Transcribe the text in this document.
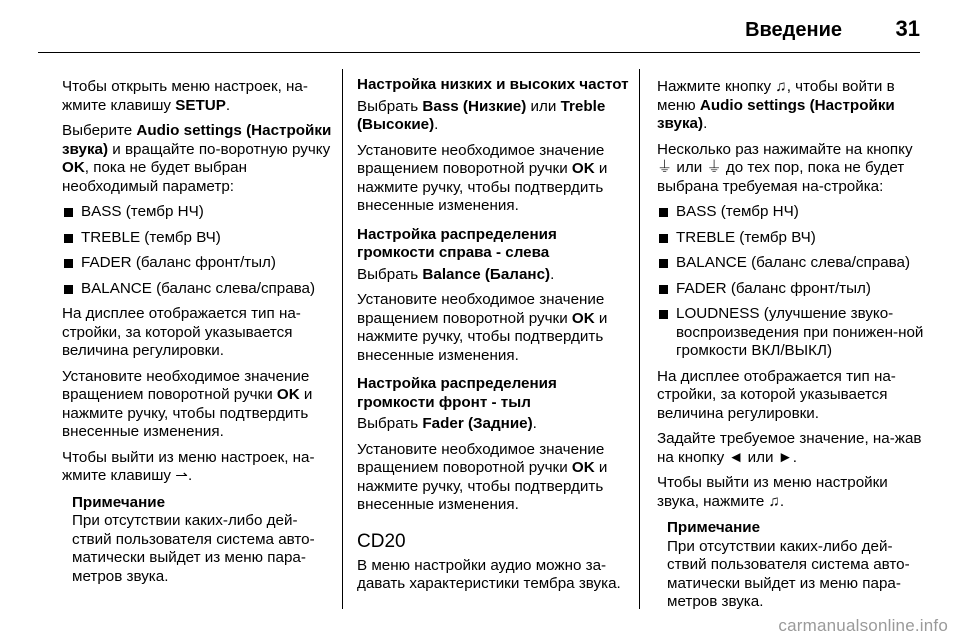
Введение 31

Чтобы открыть меню настроек, на-жмите клавишу SETUP.

Выберите Audio settings (Настройки звука) и вращайте по-воротную ручку OK, пока не будет выбран необходимый параметр:

BASS (тембр НЧ)
TREBLE (тембр ВЧ)
FADER (баланс фронт/тыл)
BALANCE (баланс слева/справа)

На дисплее отображается тип на-стройки, за которой указывается величина регулировки.

Установите необходимое значение вращением поворотной ручки OK и нажмите ручку, чтобы подтвердить внесенные изменения.

Чтобы выйти из меню настроек, на-жмите клавишу ⇀.

Примечание
При отсутствии каких-либо дей-ствий пользователя система авто-матически выйдет из меню пара-метров звука.
Настройка низких и высоких частот

Выбрать Bass (Низкие) или Treble (Высокие).

Установите необходимое значение вращением поворотной ручки OK и нажмите ручку, чтобы подтвердить внесенные изменения.

Настройка распределения громкости справа - слева

Выбрать Balance (Баланс).

Установите необходимое значение вращением поворотной ручки OK и нажмите ручку, чтобы подтвердить внесенные изменения.

Настройка распределения громкости фронт - тыл

Выбрать Fader (Задние).

Установите необходимое значение вращением поворотной ручки OK и нажмите ручку, чтобы подтвердить внесенные изменения.

CD20

В меню настройки аудио можно за-давать характеристики тембра звука.

Нажмите кнопку ♫, чтобы войти в меню Audio settings (Настройки звука).

Несколько раз нажимайте на кнопку ⏚ или ⏚ до тех пор, пока не будет выбрана требуемая на-стройка:

BASS (тембр НЧ)
TREBLE (тембр ВЧ)
BALANCE (баланс слева/справа)
FADER (баланс фронт/тыл)
LOUDNESS (улучшение звуко-воспроизведения при понижен-ной громкости ВКЛ/ВЫКЛ)

На дисплее отображается тип на-стройки, за которой указывается величина регулировки.

Задайте требуемое значение, на-жав на кнопку ◄ или ►.

Чтобы выйти из меню настройки звука, нажмите ♫.

Примечание
При отсутствии каких-либо дей-ствий пользователя система авто-матически выйдет из меню пара-метров звука.
carmanualsonline.info
